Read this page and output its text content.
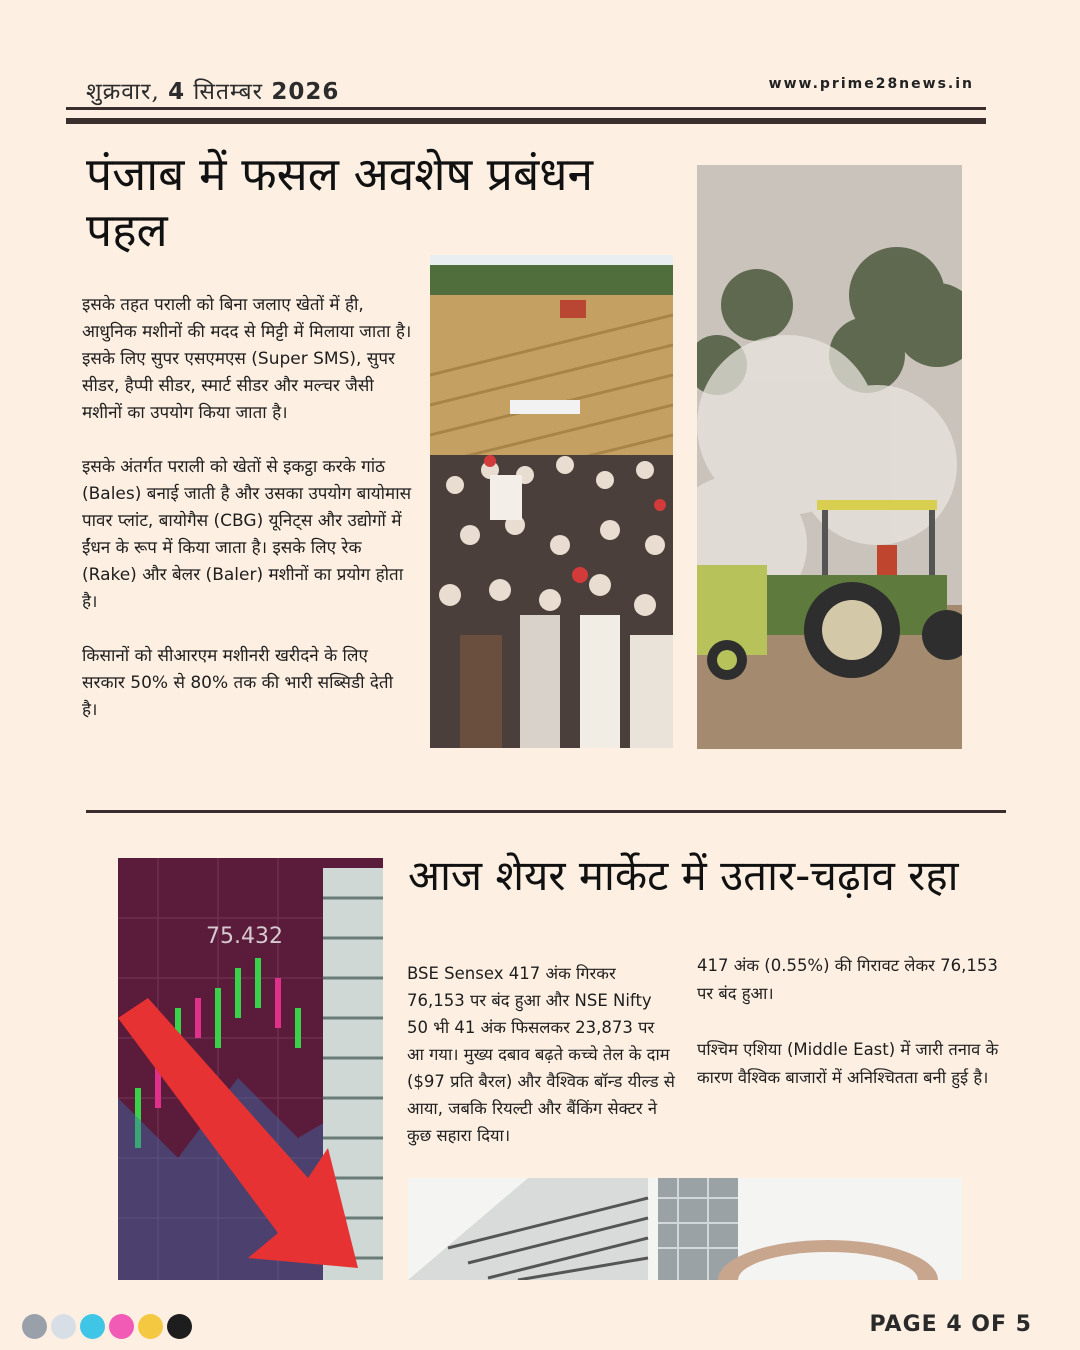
शुक्रवार, 4 सितम्बर 2026	www.prime28news.in
पंजाब में फसल अवशेष प्रबंधन पहल

इसके तहत पराली को बिना जलाए खेतों में ही, आधुनिक मशीनों की मदद से मिट्टी में मिलाया जाता है। इसके लिए सुपर एसएमएस (Super SMS), सुपर सीडर, हैप्पी सीडर, स्मार्ट सीडर और मल्चर जैसी मशीनों का उपयोग किया जाता है।

इसके अंतर्गत पराली को खेतों से इकट्ठा करके गांठ (Bales) बनाई जाती है और उसका उपयोग बायोमास पावर प्लांट, बायोगैस (CBG) यूनिट्स और उद्योगों में ईंधन के रूप में किया जाता है। इसके लिए रेक (Rake) और बेलर (Baler) मशीनों का प्रयोग होता है।

किसानों को सीआरएम मशीनरी खरीदने के लिए सरकार 50% से 80% तक की भारी सब्सिडी देती है।

75.432
आज शेयर मार्केट में उतार-चढ़ाव रहा
BSE Sensex 417 अंक गिरकर 76,153 पर बंद हुआ और NSE Nifty 50 भी 41 अंक फिसलकर 23,873 पर आ गया। मुख्य दबाव बढ़ते कच्चे तेल के दाम ($97 प्रति बैरल) और वैश्विक बॉन्ड यील्ड से आया, जबकि रियल्टी और बैंकिंग सेक्टर ने कुछ सहारा दिया।

417 अंक (0.55%) की गिरावट लेकर 76,153 पर बंद हुआ।

पश्चिम एशिया (Middle East) में जारी तनाव के कारण वैश्विक बाजारों में अनिश्चितता बनी हुई है।

PAGE 4 OF 5
